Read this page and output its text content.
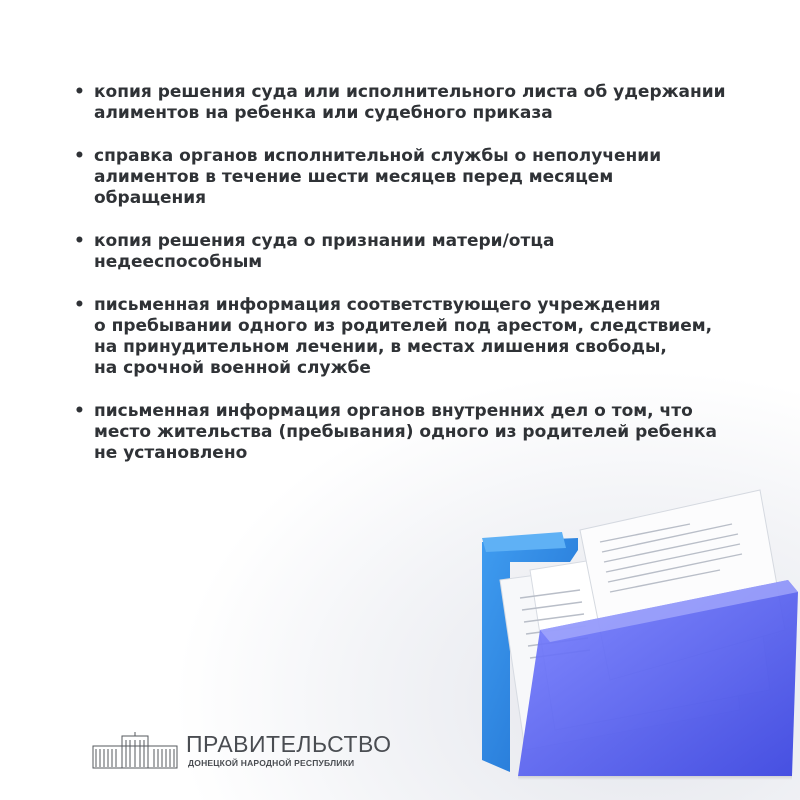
• копия решения суда или исполнительного листа об удержании
алиментов на ребенка или судебного приказа
• справка органов исполнительной службы о неполучении
алиментов в течение шести месяцев перед месяцем
обращения
• копия решения суда о признании матери/отца
недееспособным
• письменная информация соответствующего учреждения
о пребывании одного из родителей под арестом, следствием,
на принудительном лечении, в местах лишения свободы,
на срочной военной службе
• письменная информация органов внутренних дел о том, что
место жительства (пребывания) одного из родителей ребенка
не установлено
ПРАВИТЕЛЬСТВО
ДОНЕЦКОЙ НАРОДНОЙ РЕСПУБЛИКИ
